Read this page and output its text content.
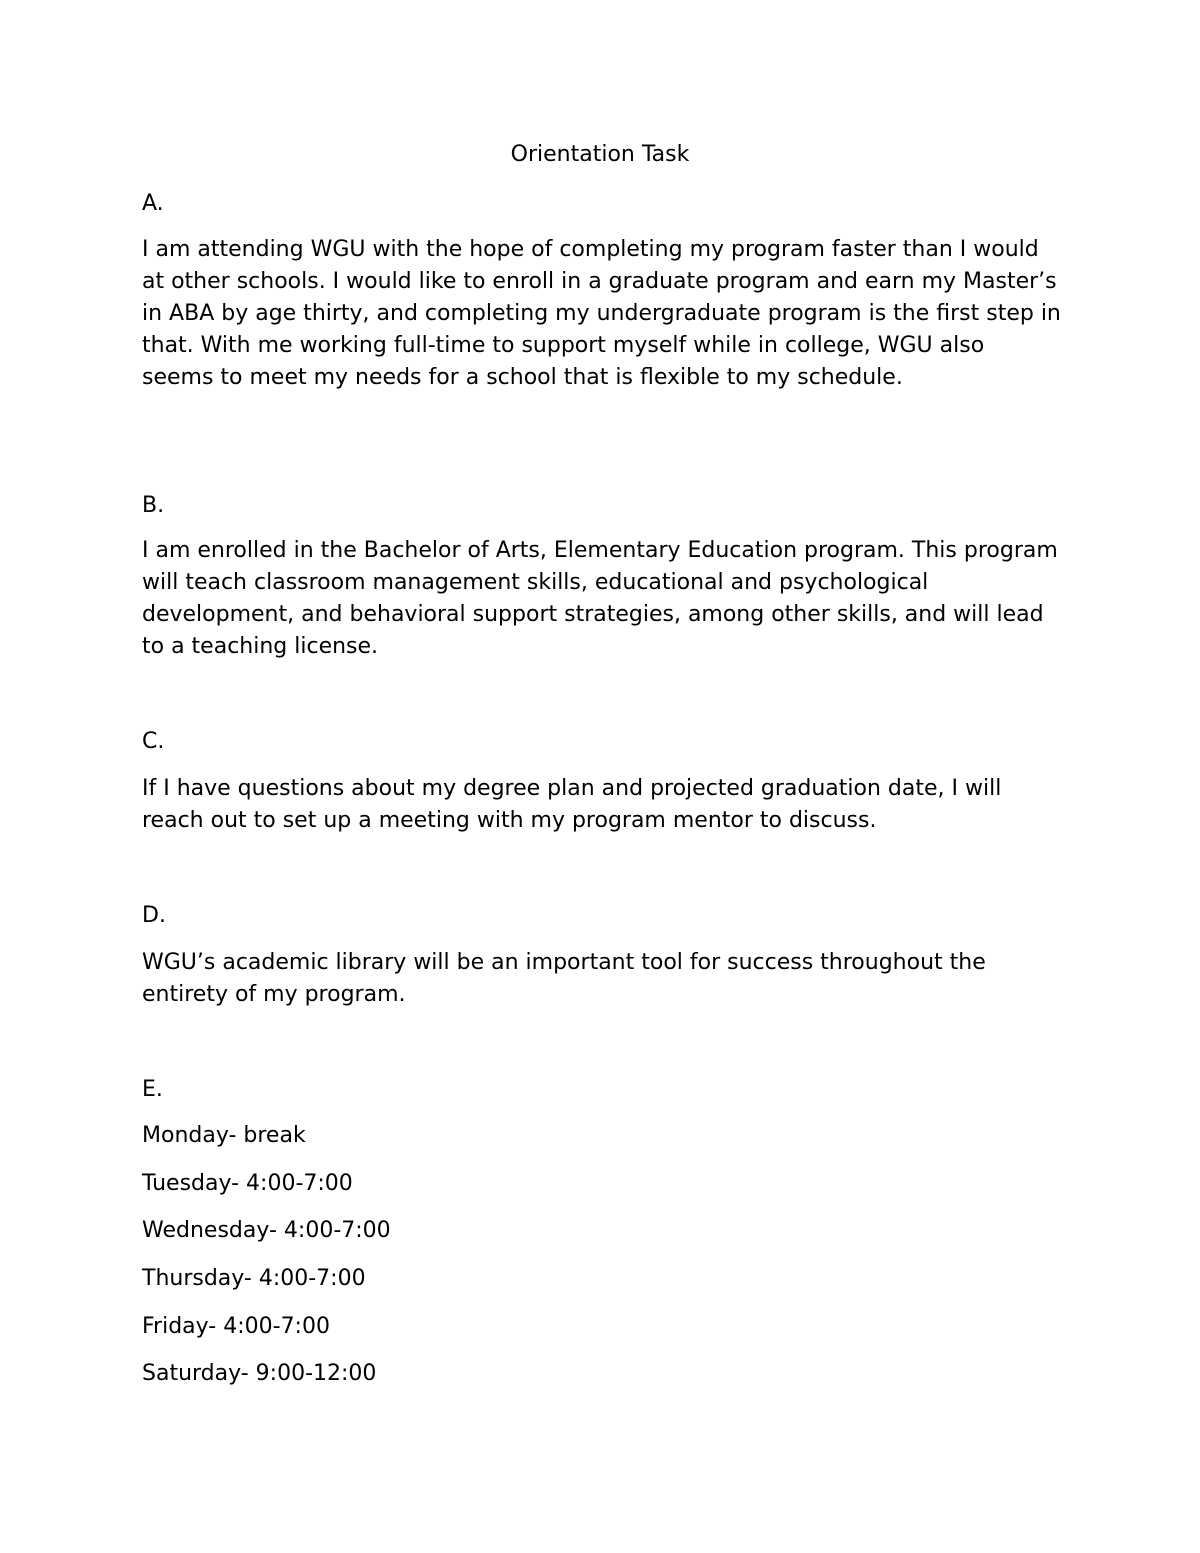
Orientation Task
A.

I am attending WGU with the hope of completing my program faster than I would at other schools. I would like to enroll in a graduate program and earn my Master’s in ABA by age thirty, and completing my undergraduate program is the first step in that. With me working full-time to support myself while in college, WGU also seems to meet my needs for a school that is flexible to my schedule.

B.

I am enrolled in the Bachelor of Arts, Elementary Education program. This program will teach classroom management skills, educational and psychological development, and behavioral support strategies, among other skills, and will lead to a teaching license.

C.

If I have questions about my degree plan and projected graduation date, I will reach out to set up a meeting with my program mentor to discuss.

D.

WGU’s academic library will be an important tool for success throughout the entirety of my program.

E.
Monday- break
Tuesday- 4:00-7:00
Wednesday- 4:00-7:00
Thursday- 4:00-7:00
Friday- 4:00-7:00
Saturday- 9:00-12:00
